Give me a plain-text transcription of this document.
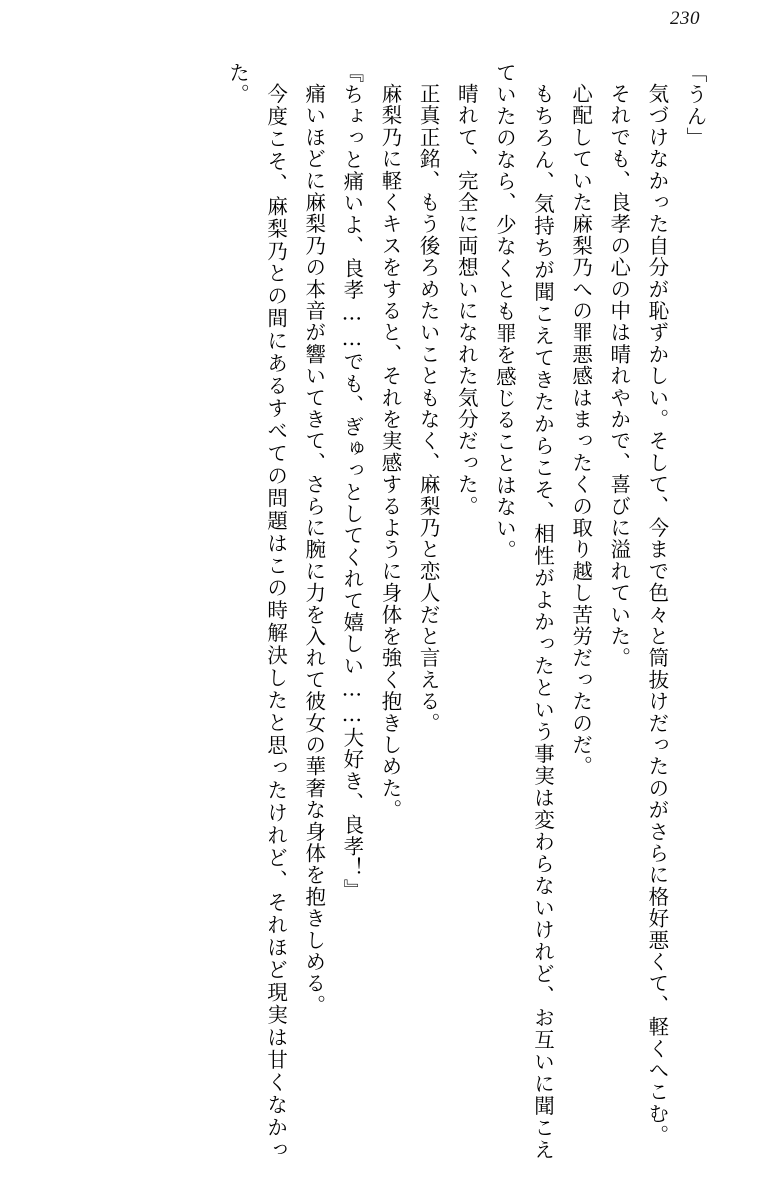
230

「うん」

気づけなかった自分が恥ずかしい。そして、今まで色々と筒抜けだったのがさらに格好悪くて、軽くへこむ。

それでも、良孝の心の中は晴れやかで、喜びに溢れていた。

心配していた麻梨乃への罪悪感はまったくの取り越し苦労だったのだ。

もちろん、気持ちが聞こえてきたからこそ、相性がよかったという事実は変わらないけれど、お互いに聞こえていたのなら、少なくとも罪を感じることはない。

晴れて、完全に両想いになれた気分だった。

正真正銘、もう後ろめたいこともなく、麻梨乃と恋人だと言える。

麻梨乃に軽くキスをすると、それを実感するように身体を強く抱きしめた。

『ちょっと痛いよ、良孝……でも、ぎゅっとしてくれて嬉しい……大好き、良孝！』

痛いほどに麻梨乃の本音が響いてきて、さらに腕に力を入れて彼女の華奢な身体を抱きしめる。

今度こそ、麻梨乃との間にあるすべての問題はこの時解決したと思ったけれど、それほど現実は甘くなかった。
